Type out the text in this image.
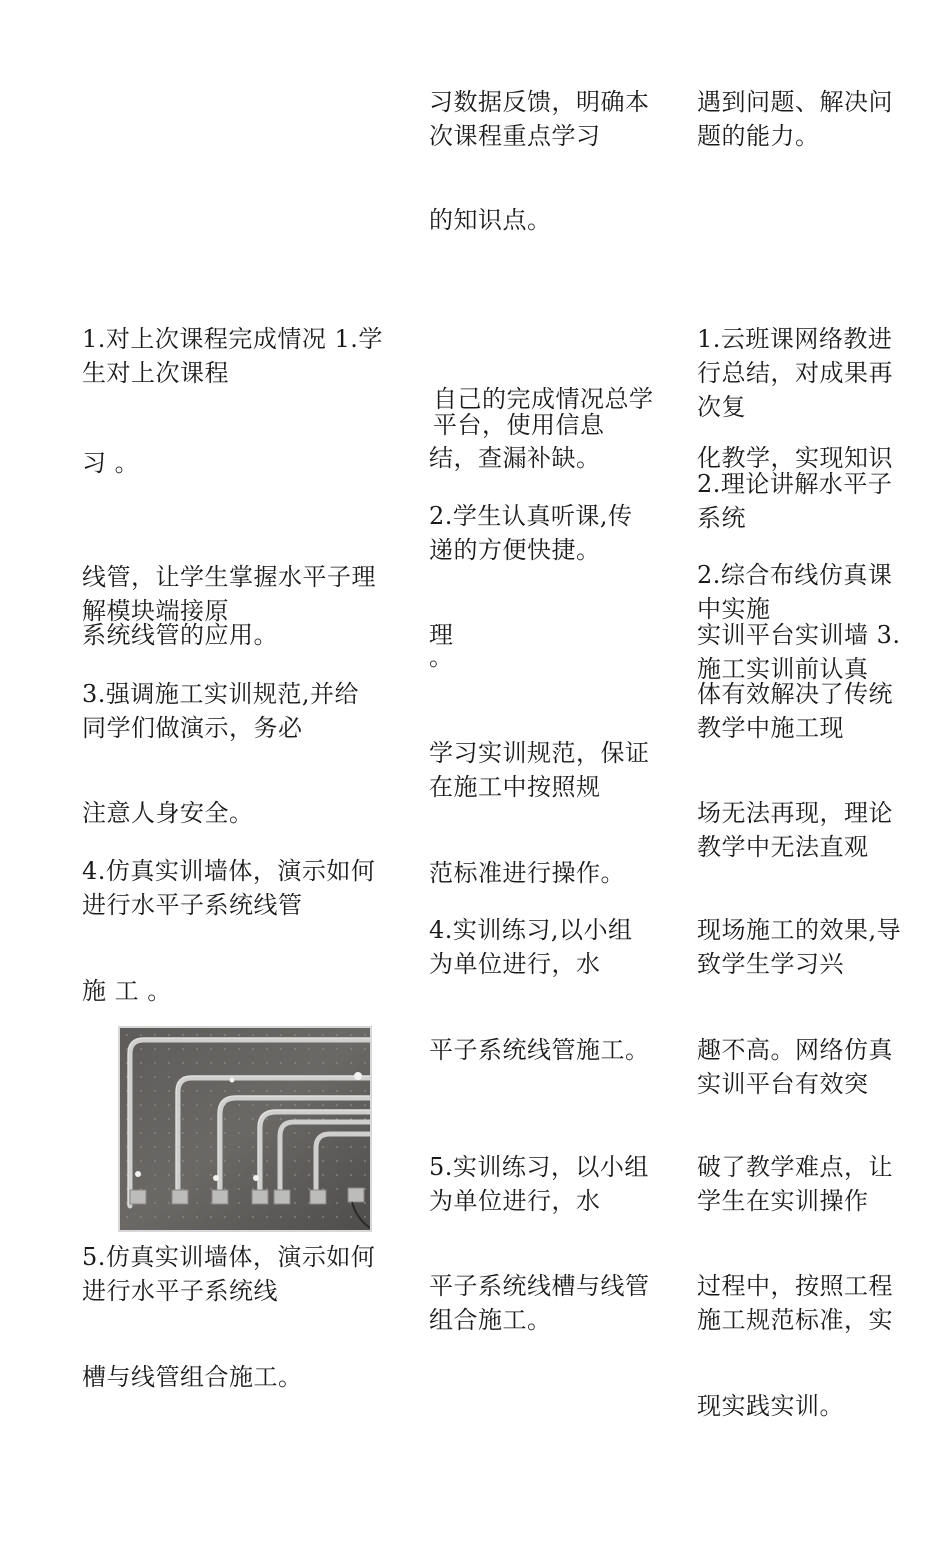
1.对上次课程完成情况 1.学
生对上次课程
习 。
线管，让学生掌握水平子理
解模块端接原
系统线管的应用。
3.强调施工实训规范,并给
同学们做演示，务必
注意人身安全。
4.仿真实训墙体，演示如何
进行水平子系统线管
施 工 。
5.仿真实训墙体，演示如何
进行水平子系统线
槽与线管组合施工。
习数据反馈，明确本
次课程重点学习
的知识点。
自己的完成情况总学
平台，使用信息
结，查漏补缺。
2.学生认真听课,传
递的方便快捷。
理
。
学习实训规范，保证
在施工中按照规
范标准进行操作。
4.实训练习,以小组
为单位进行，水
平子系统线管施工。
5.实训练习，以小组
为单位进行，水
平子系统线槽与线管
组合施工。
遇到问题、解决问
题的能力。
1.云班课网络教进
行总结，对成果再
次复
化教学，实现知识
2.理论讲解水平子
系统
2.综合布线仿真课
中实施
实训平台实训墙 3.
施工实训前认真
体有效解决了传统
教学中施工现
场无法再现，理论
教学中无法直观
现场施工的效果,导
致学生学习兴
趣不高。网络仿真
实训平台有效突
破了教学难点，让
学生在实训操作
过程中，按照工程
施工规范标准，实
现实践实训。
